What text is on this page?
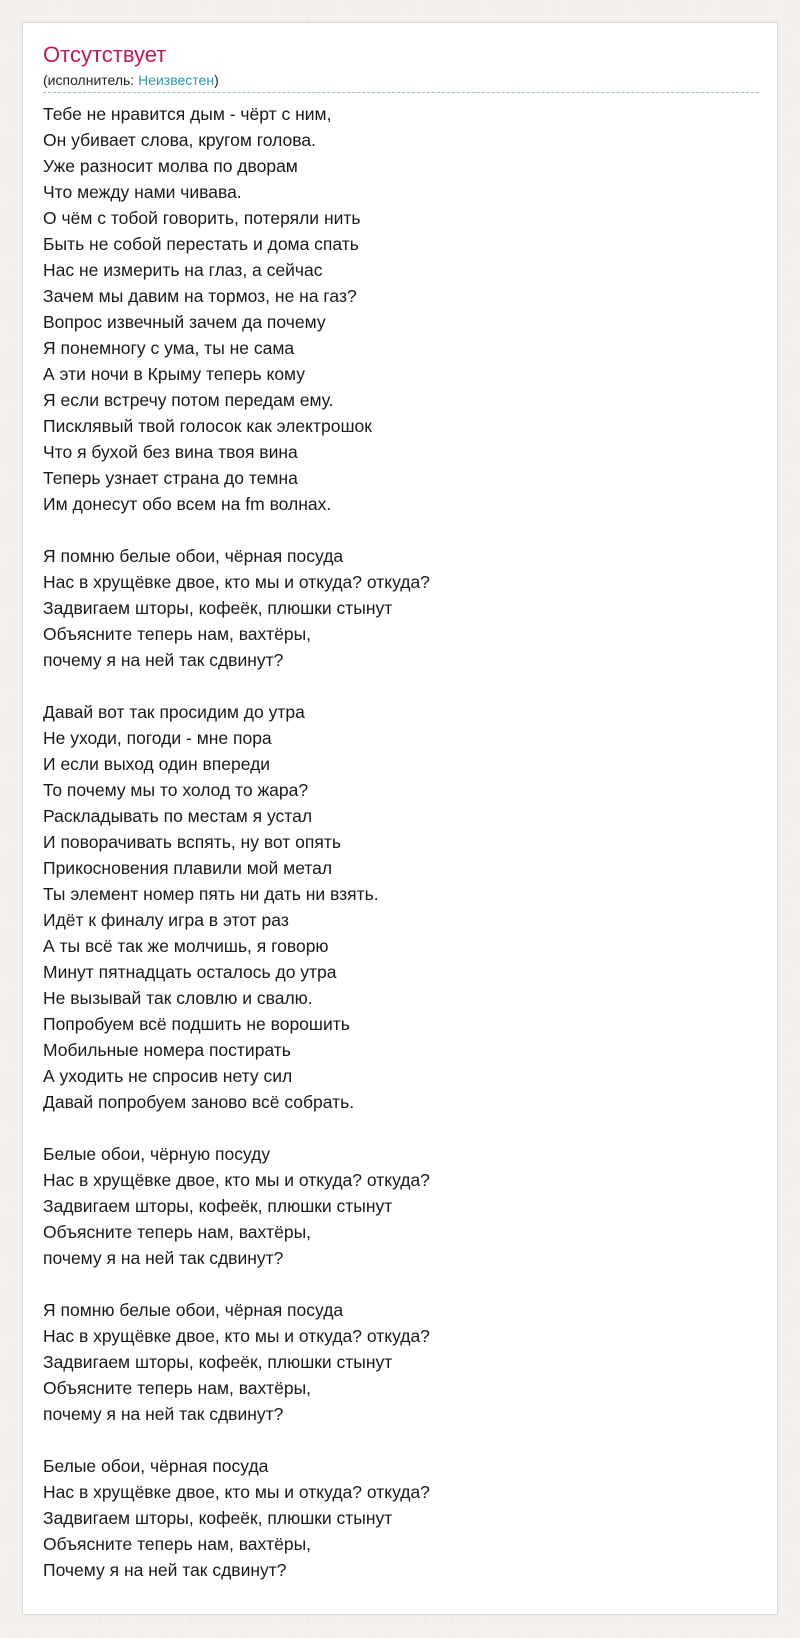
Отсутствует
(исполнитель: Неизвестен)
Тебе не нравится дым - чёрт с ним,
Он убивает слова, кругом голова.
Уже разносит молва по дворам
Что между нами чивава.
О чём с тобой говорить, потеряли нить
Быть не собой перестать и дома спать
Нас не измерить на глаз, а сейчас
Зачем мы давим на тормоз, не на газ?
Вопрос извечный зачем да почему
Я понемногу с ума, ты не сама
А эти ночи в Крыму теперь кому
Я если встречу потом передам ему.
Писклявый твой голосок как электрошок
Что я бухой без вина твоя вина
Теперь узнает страна до темна
Им донесут обо всем на fm волнах.
Я помню белые обои, чёрная посуда
Нас в хрущёвке двое, кто мы и откуда? откуда?
Задвигаем шторы, кофеёк, плюшки стынут
Объясните теперь нам, вахтёры,
почему я на ней так сдвинут?
Давай вот так просидим до утра
Не уходи, погоди - мне пора
И если выход один впереди
То почему мы то холод то жара?
Раскладывать по местам я устал
И поворачивать вспять, ну вот опять
Прикосновения плавили мой метал
Ты элемент номер пять ни дать ни взять.
Идёт к финалу игра в этот раз
А ты всё так же молчишь, я говорю
Минут пятнадцать осталось до утра
Не вызывай так словлю и свалю.
Попробуем всё подшить не ворошить
Мобильные номера постирать
А уходить не спросив нету сил
Давай попробуем заново всё собрать.
Белые обои, чёрную посуду
Нас в хрущёвке двое, кто мы и откуда? откуда?
Задвигаем шторы, кофеёк, плюшки стынут
Объясните теперь нам, вахтёры,
почему я на ней так сдвинут?
Я помню белые обои, чёрная посуда
Нас в хрущёвке двое, кто мы и откуда? откуда?
Задвигаем шторы, кофеёк, плюшки стынут
Объясните теперь нам, вахтёры,
почему я на ней так сдвинут?
Белые обои, чёрная посуда
Нас в хрущёвке двое, кто мы и откуда? откуда?
Задвигаем шторы, кофеёк, плюшки стынут
Объясните теперь нам, вахтёры,
Почему я на ней так сдвинут?
